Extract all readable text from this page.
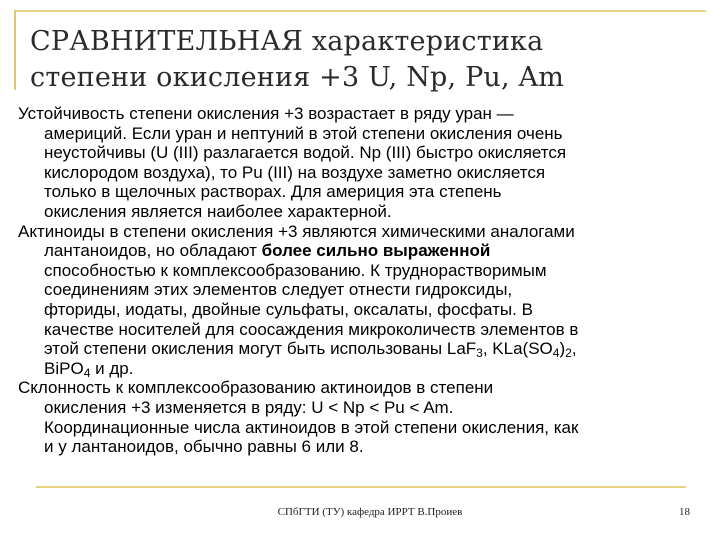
СРАВНИТЕЛЬНАЯ характеристика
степени окисления +3 U, Np, Pu, Am

Устойчивость степени окисления +3 возрастает в ряду уран —
америций. Если уран и нептуний в этой степени окисления очень
неустойчивы (U (III) разлагается водой. Np (III) быстро окисляется
кислородом воздуха), то Pu (III) на воздухе заметно окисляется
только в щелочных растворах. Для америция эта степень
окисления является наиболее характерной.

Актиноиды в степени окисления +3 являются химическими аналогами
лантаноидов, но обладают более сильно выраженной
способностью к комплексообразованию. К труднорастворимым
соединениям этих элементов следует отнести гидроксиды,
фториды, иодаты, двойные сульфаты, оксалаты, фосфаты. В
качестве носителей для соосаждения микроколичеств элементов в
этой степени окисления могут быть использованы LaF$_3$, $KLa(SO_4)_2$,
BiPO$_4$ и др.

Склонность к комплексообразованию актиноидов в степени
окисления +3 изменяется в ряду: U < Np < Pu < Am.
Координационные числа актиноидов в этой степени окисления, как
и у лантаноидов, обычно равны 6 или 8.

СПбГТИ (ТУ) кафедра ИРРТ В.Проиев	18
